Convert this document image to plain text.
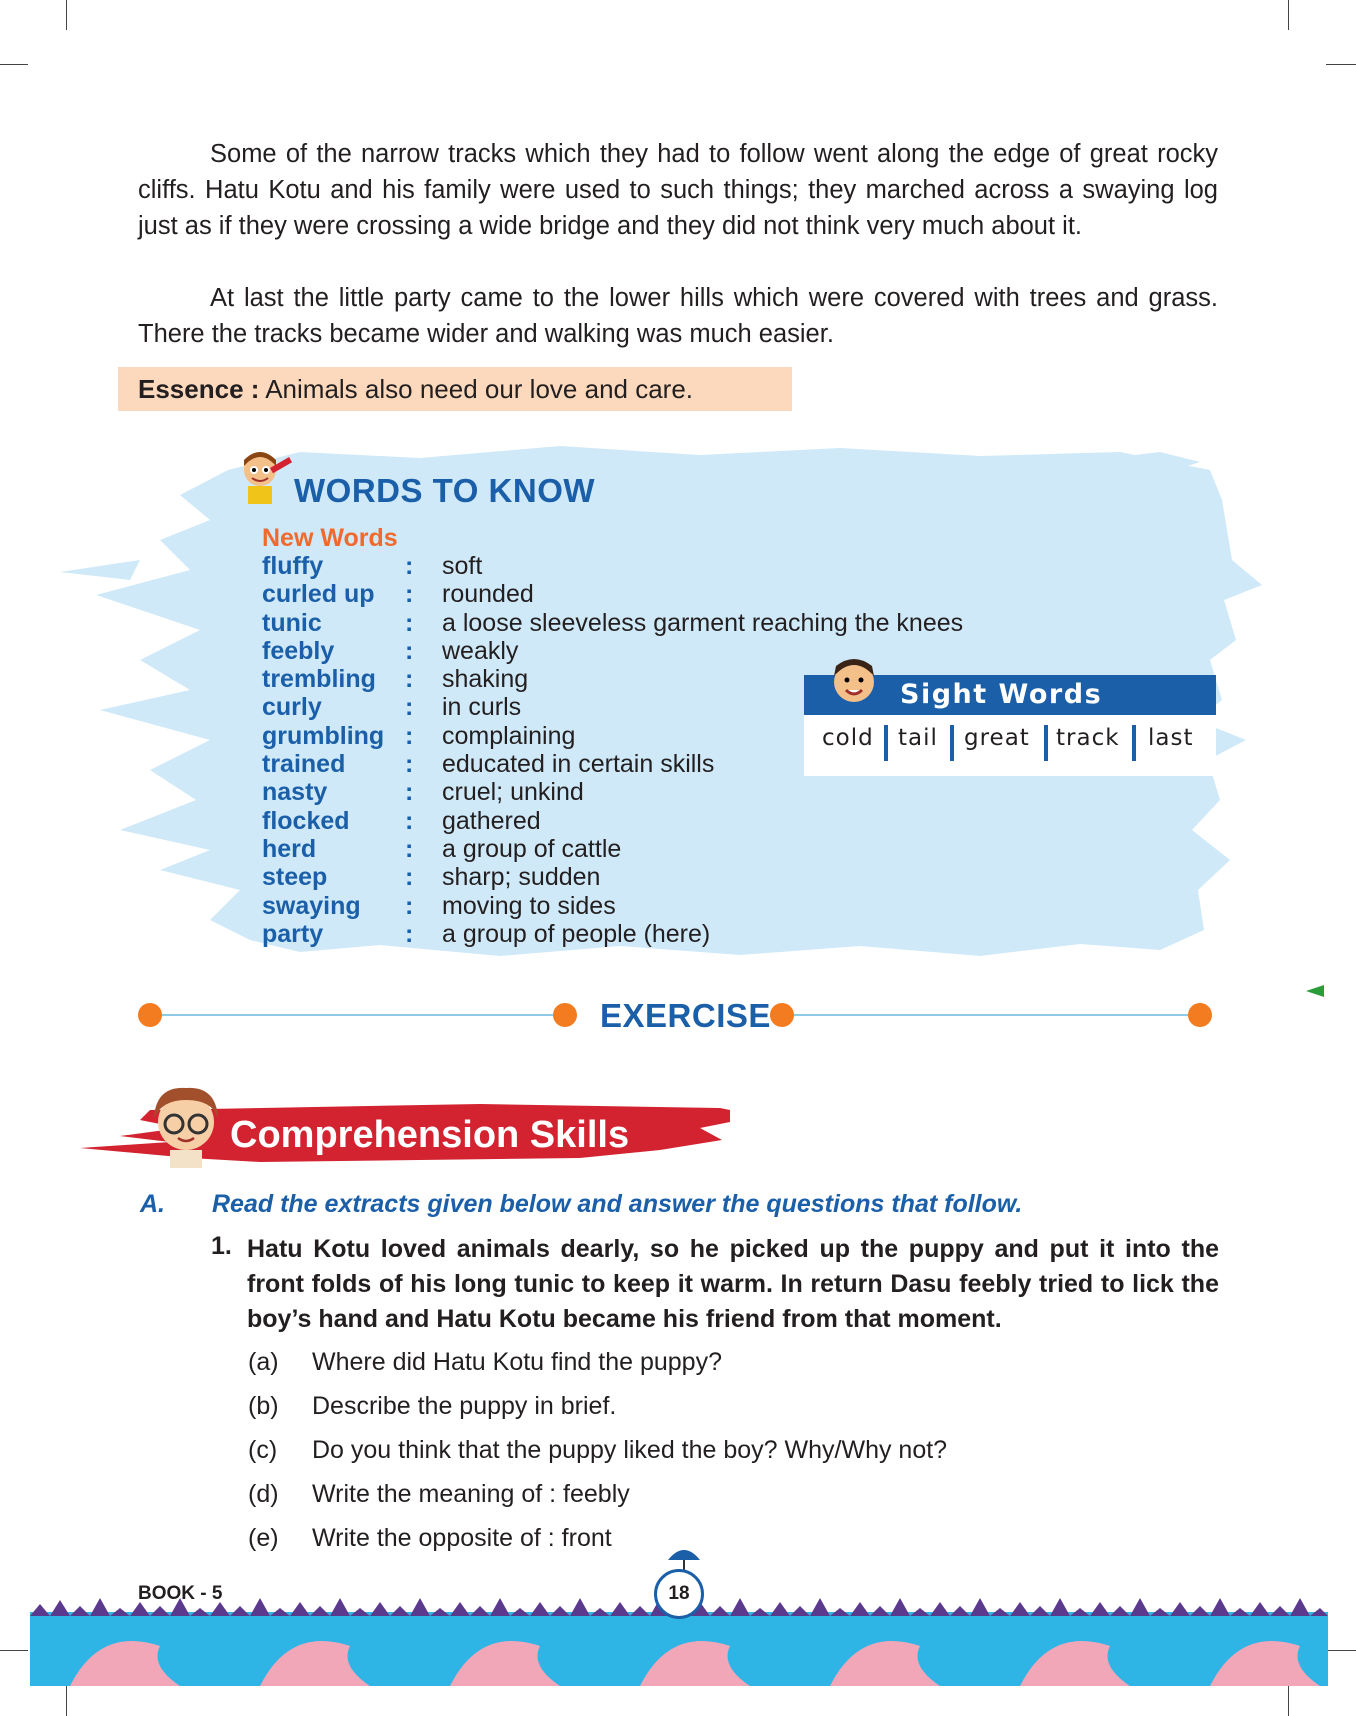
Some of the narrow tracks which they had to follow went along the edge of great rocky cliffs. Hatu Kotu and his family were used to such things; they marched across a swaying log just as if they were crossing a wide bridge and they did not think very much about it.

At last the little party came to the lower hills which were covered with trees and grass. There the tracks became wider and walking was much easier.

Essence : Animals also need our love and care.
WORDS TO KNOW
New Words
fluffy	: soft
curled up : rounded
tunic	: a loose sleeveless garment reaching the knees
feebly	: weakly
trembling : shaking
curly	: in curls
grumbling : complaining
trained : educated in certain skills
nasty	: cruel; unkind
flocked : gathered
herd	: a group of cattle
steep	: sharp; sudden
swaying : moving to sides
party	: a group of people (here)
Sight Words
cold tail great track last
EXERCISE
Comprehension Skills
A. Read the extracts given below and answer the questions that follow.
1. Hatu Kotu loved animals dearly, so he picked up the puppy and put it into the front folds of his long tunic to keep it warm. In return Dasu feebly tried to lick the boy’s hand and Hatu Kotu became his friend from that moment.

(a) Where did Hatu Kotu find the puppy?
(b) Describe the puppy in brief.
(c) Do you think that the puppy liked the boy? Why/Why not?
(d) Write the meaning of : feebly
(e) Write the opposite of : front
BOOK - 5	18
